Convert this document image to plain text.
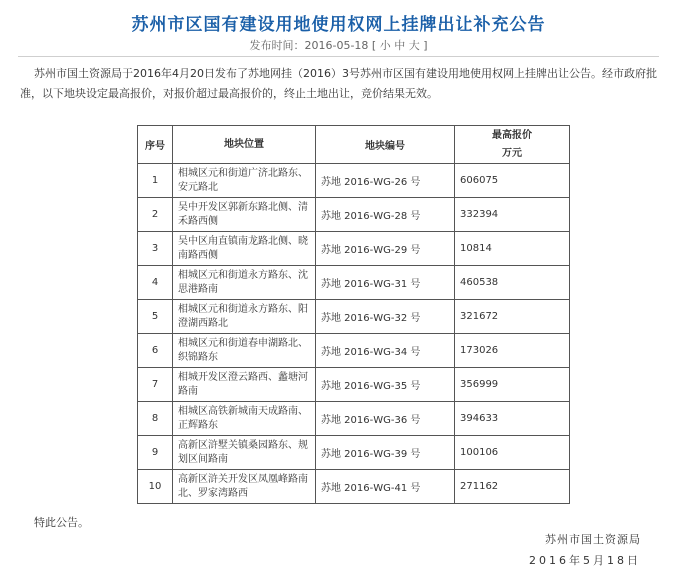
苏州市区国有建设用地使用权网上挂牌出让补充公告
发布时间：2016-05-18 [ 小 中 大 ]
苏州市国土资源局于2016年4月20日发布了苏地网挂（2016）3号苏州市区国有建设用地使用权网上挂牌出让公告。经市政府批准，以下地块设定最高报价，对报价超过最高报价的，终止土地出让，竞价结果无效。
序号	地块位置	地块编号	最高报价
万元

1	相城区元和街道广济北路东、安元路北	苏地 2016-WG-26 号	606075
2	吴中开发区郭新东路北侧、清禾路西侧	苏地 2016-WG-28 号	332394
3	吴中区甪直镇南龙路北侧、晓南路西侧	苏地 2016-WG-29 号	10814
4	相城区元和街道永方路东、沈思港路南	苏地 2016-WG-31 号	460538
5	相城区元和街道永方路东、阳澄湖西路北	苏地 2016-WG-32 号	321672
6	相城区元和街道春申湖路北、织锦路东	苏地 2016-WG-34 号	173026
7	相城开发区澄云路西、蠡塘河路南	苏地 2016-WG-35 号	356999
8	相城区高铁新城南天成路南、正辉路东	苏地 2016-WG-36 号	394633
9	高新区浒墅关镇桑园路东、规划区间路南	苏地 2016-WG-39 号	100106
10	高新区浒关开发区凤凰峰路南北、罗家湾路西	苏地 2016-WG-41 号	271162
特此公告。
苏州市国土资源局
2016年5月18日
